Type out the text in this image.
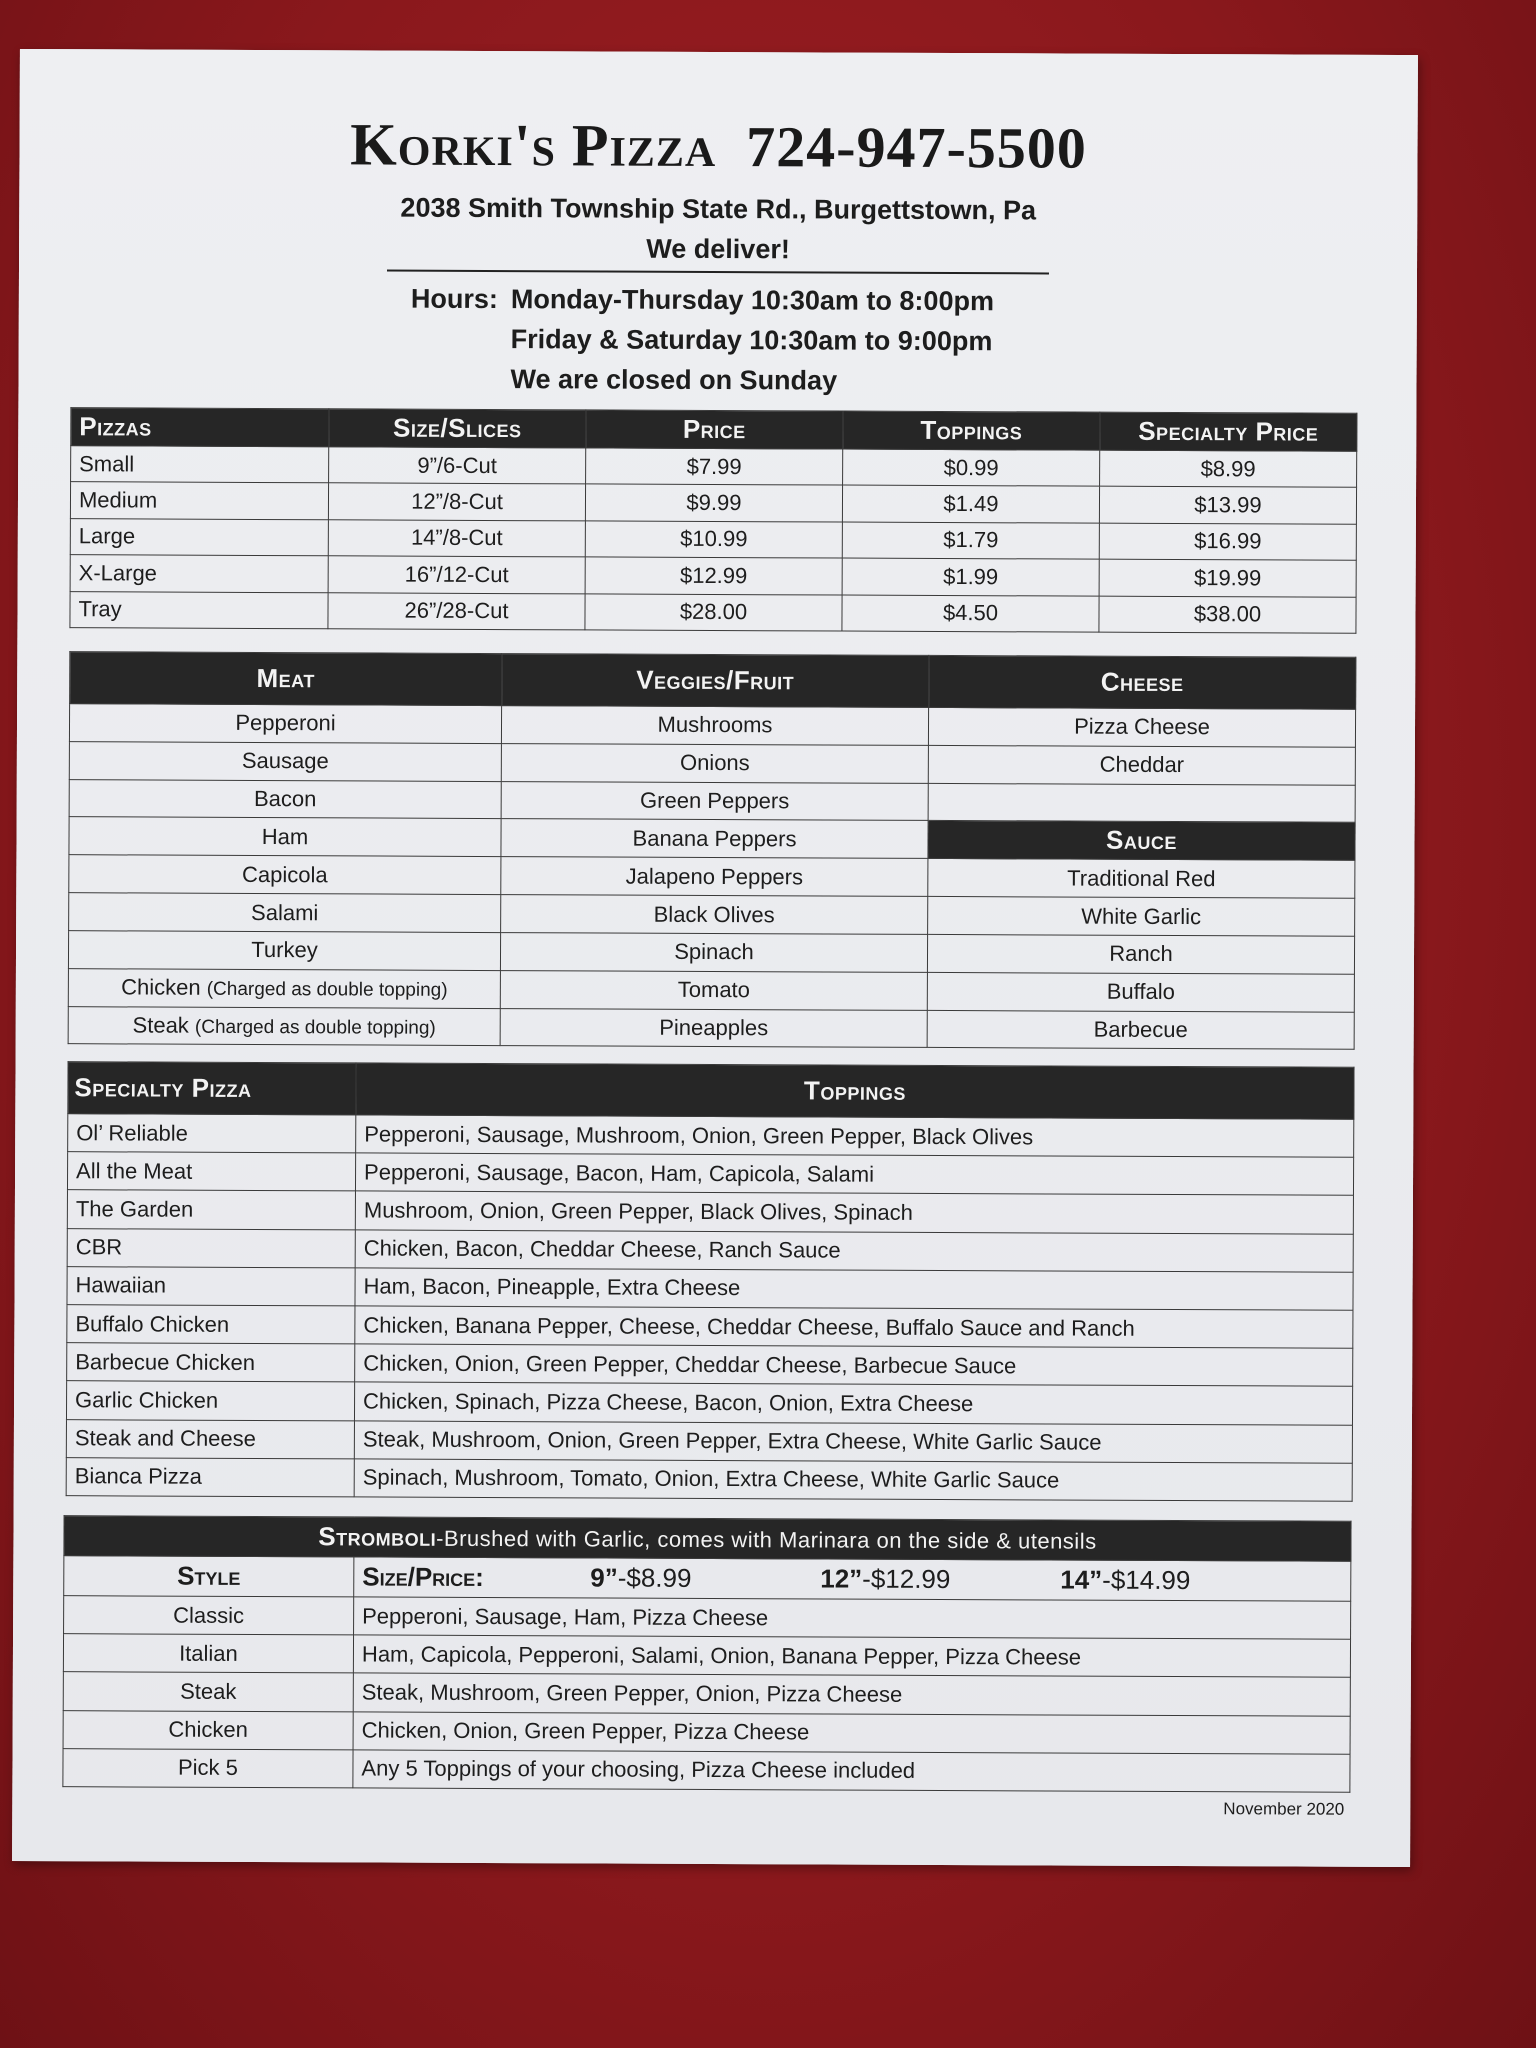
Korki's Pizza 724-947-5500
2038 Smith Township State Rd., Burgettstown, Pa
We deliver!
Hours: Monday-Thursday 10:30am to 8:00pm
Friday & Saturday 10:30am to 9:00pm
We are closed on Sunday
Pizzas	Size/Slices	Price	Toppings	Specialty Price
Small	9”/6-Cut	$7.99	$0.99	$8.99
Medium	12”/8-Cut	$9.99	$1.49	$13.99
Large	14”/8-Cut	$10.99	$1.79	$16.99
X-Large	16”/12-Cut	$12.99	$1.99	$19.99
Tray	26”/28-Cut	$28.00	$4.50	$38.00
Meat	Veggies/Fruit	Cheese
Pepperoni	Mushrooms	Pizza Cheese
Sausage	Onions	Cheddar
Bacon	Green Peppers	
Ham	Banana Peppers	Sauce
Capicola	Jalapeno Peppers	Traditional Red
Salami	Black Olives	White Garlic
Turkey	Spinach	Ranch
Chicken (Charged as double topping)	Tomato	Buffalo
Steak (Charged as double topping)	Pineapples	Barbecue
Specialty Pizza	Toppings
Ol’ Reliable	Pepperoni, Sausage, Mushroom, Onion, Green Pepper, Black Olives
All the Meat	Pepperoni, Sausage, Bacon, Ham, Capicola, Salami
The Garden	Mushroom, Onion, Green Pepper, Black Olives, Spinach
CBR	Chicken, Bacon, Cheddar Cheese, Ranch Sauce
Hawaiian	Ham, Bacon, Pineapple, Extra Cheese
Buffalo Chicken	Chicken, Banana Pepper, Cheese, Cheddar Cheese, Buffalo Sauce and Ranch
Barbecue Chicken	Chicken, Onion, Green Pepper, Cheddar Cheese, Barbecue Sauce
Garlic Chicken	Chicken, Spinach, Pizza Cheese, Bacon, Onion, Extra Cheese
Steak and Cheese	Steak, Mushroom, Onion, Green Pepper, Extra Cheese, White Garlic Sauce
Bianca Pizza	Spinach, Mushroom, Tomato, Onion, Extra Cheese, White Garlic Sauce
Stromboli-Brushed with Garlic, comes with Marinara on the side & utensils	
Style	Size/Price: 9”-$8.99 12”-$12.99 14”-$14.99

Classic	Pepperoni, Sausage, Ham, Pizza Cheese
Italian	Ham, Capicola, Pepperoni, Salami, Onion, Banana Pepper, Pizza Cheese
Steak	Steak, Mushroom, Green Pepper, Onion, Pizza Cheese
Chicken	Chicken, Onion, Green Pepper, Pizza Cheese
Pick 5	Any 5 Toppings of your choosing, Pizza Cheese included
November 2020
